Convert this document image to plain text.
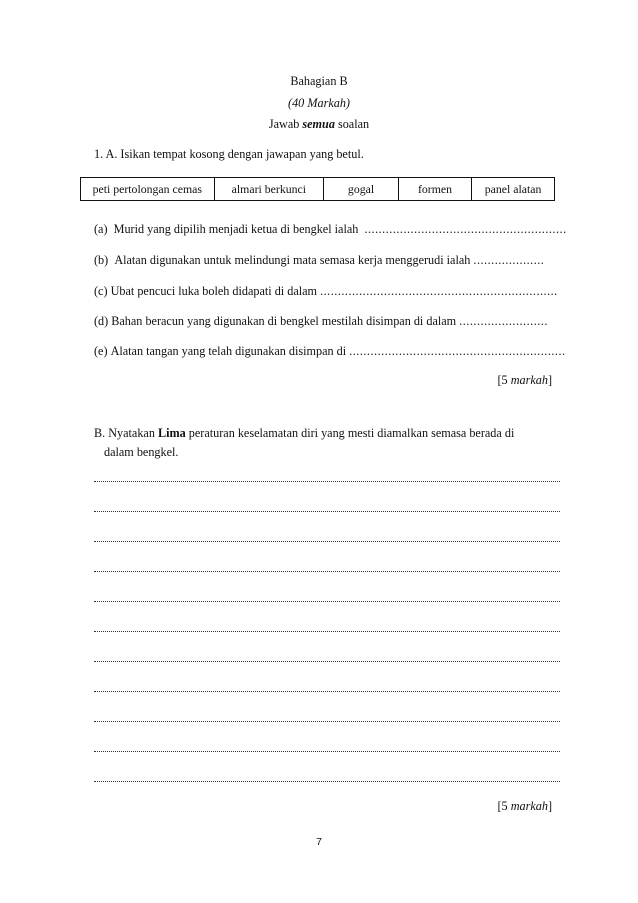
Bahagian B
(40 Markah)
Jawab semua soalan
1. A. Isikan tempat kosong dengan jawapan yang betul.
peti pertolongan cemas	almari berkunci	gogal	formen	panel alatan
(a) Murid yang dipilih menjadi ketua di bengkel ialah .........................................................
(b) Alatan digunakan untuk melindungi mata semasa kerja menggerudi ialah ....................
(c) Ubat pencuci luka boleh didapati di dalam ...................................................................
(d) Bahan beracun yang digunakan di bengkel mestilah disimpan di dalam .........................
(e) Alatan tangan yang telah digunakan disimpan di .............................................................
[5 markah]
B. Nyatakan Lima peraturan keselamatan diri yang mesti diamalkan semasa berada di
dalam bengkel.
[5 markah]
7
